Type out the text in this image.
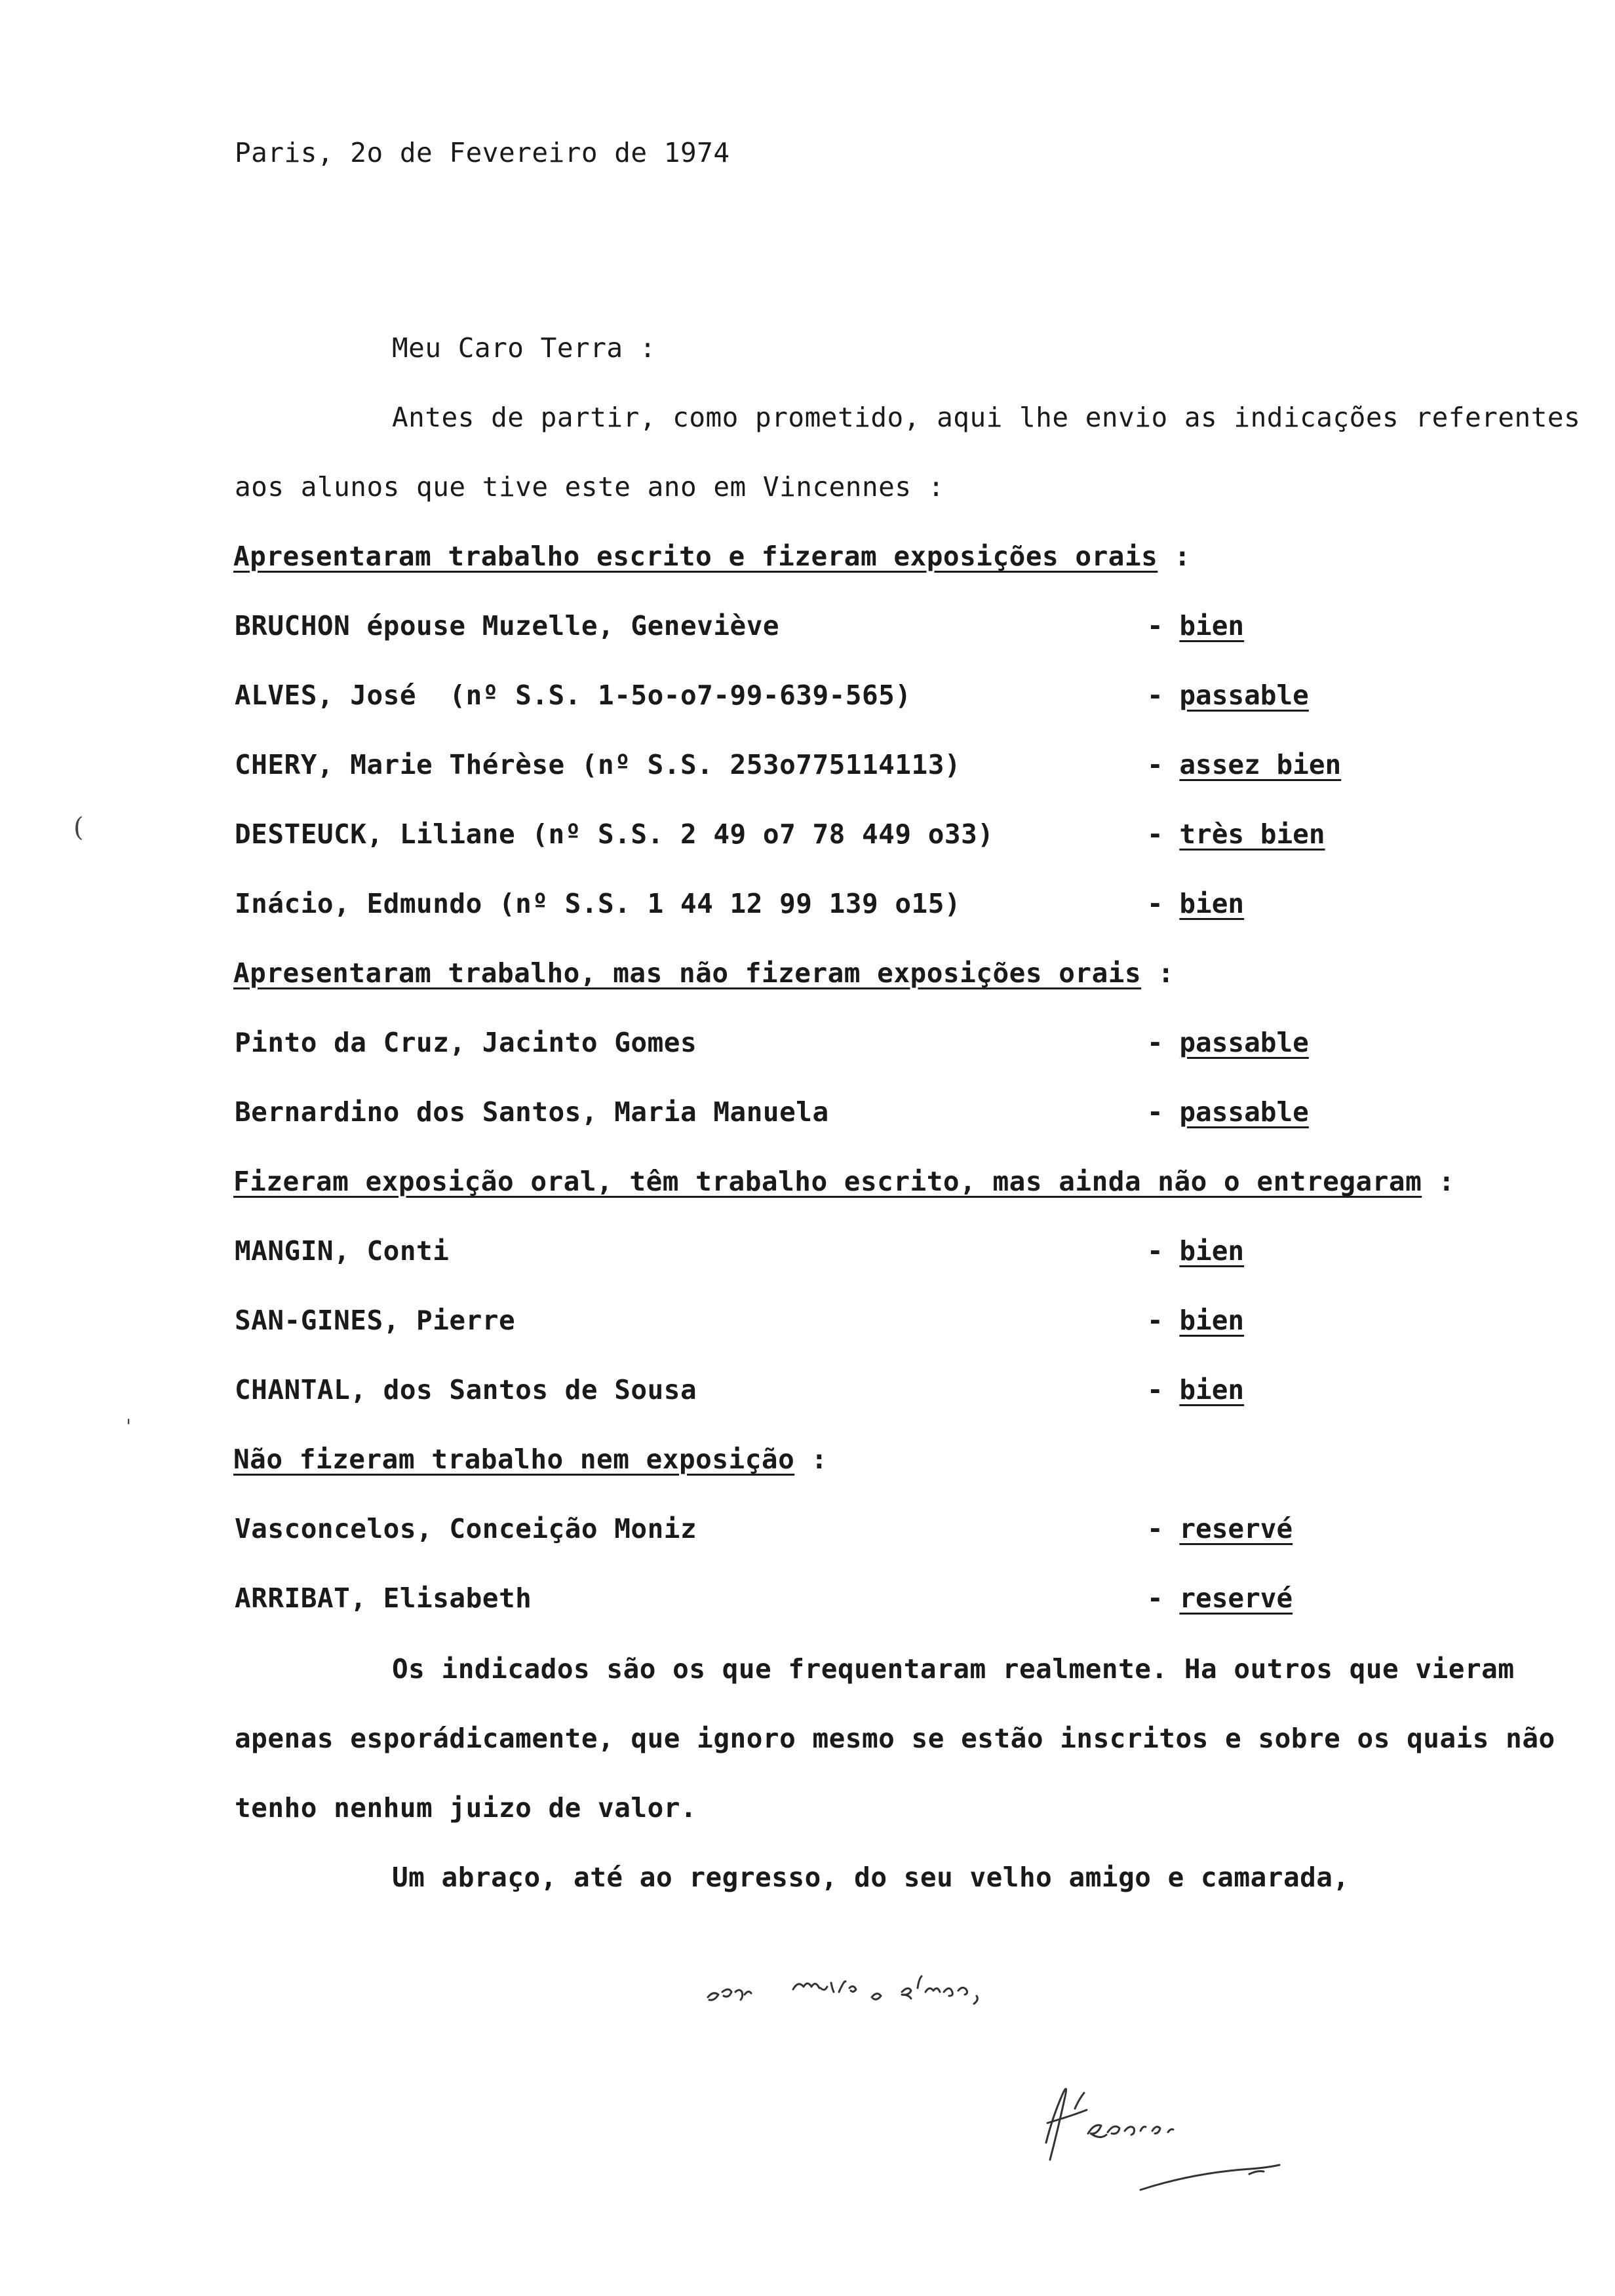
Paris, 2o de Fevereiro de 1974
Meu Caro Terra :
Antes de partir, como prometido, aqui lhe envio as indicações referentes
aos alunos que tive este ano em Vincennes :
Apresentaram trabalho escrito e fizeram exposições orais :
BRUCHON épouse Muzelle, Geneviève	- bien
ALVES, José  (nº S.S. 1-5o-o7-99-639-565)	- passable
CHERY, Marie Thérèse (nº S.S. 253o775114113)	- assez bien
DESTEUCK, Liliane (nº S.S. 2 49 o7 78 449 o33)	- très bien
Inácio, Edmundo (nº S.S. 1 44 12 99 139 o15)	- bien
Apresentaram trabalho, mas não fizeram exposições orais :
Pinto da Cruz, Jacinto Gomes	- passable
Bernardino dos Santos, Maria Manuela	- passable
Fizeram exposição oral, têm trabalho escrito, mas ainda não o entregaram :
MANGIN, Conti	- bien
SAN-GINES, Pierre	- bien
CHANTAL, dos Santos de Sousa	- bien
Não fizeram trabalho nem exposição :
Vasconcelos, Conceição Moniz	- reservé
ARRIBAT, Elisabeth	- reservé
Os indicados são os que frequentaram realmente. Ha outros que vieram
apenas esporádicamente, que ignoro mesmo se estão inscritos e sobre os quais não
tenho nenhum juizo de valor.
Um abraço, até ao regresso, do seu velho amigo e camarada,
(
'
